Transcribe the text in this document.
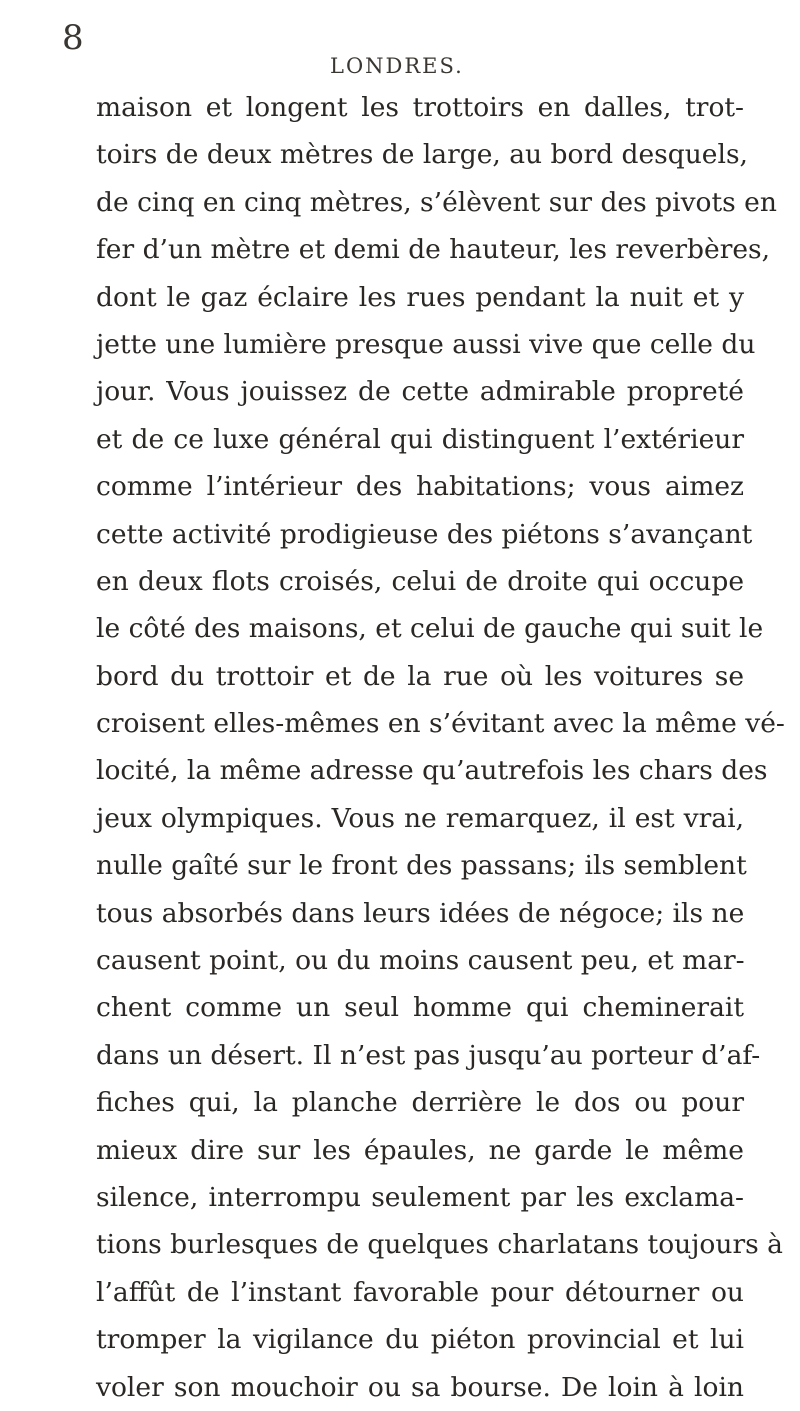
8
LONDRES.
maison et longent les trottoirs en dalles, trot-
toirs de deux mètres de large, au bord desquels,
de cinq en cinq mètres, s’élèvent sur des pivots en
fer d’un mètre et demi de hauteur, les reverbères,
dont le gaz éclaire les rues pendant la nuit et y
jette une lumière presque aussi vive que celle du
jour. Vous jouissez de cette admirable propreté
et de ce luxe général qui distinguent l’extérieur
comme l’intérieur des habitations; vous aimez
cette activité prodigieuse des piétons s’avançant
en deux flots croisés, celui de droite qui occupe
le côté des maisons, et celui de gauche qui suit le
bord du trottoir et de la rue où les voitures se
croisent elles-mêmes en s’évitant avec la même vé-
locité, la même adresse qu’autrefois les chars des
jeux olympiques. Vous ne remarquez, il est vrai,
nulle gaîté sur le front des passans; ils semblent
tous absorbés dans leurs idées de négoce; ils ne
causent point, ou du moins causent peu, et mar-
chent comme un seul homme qui cheminerait
dans un désert. Il n’est pas jusqu’au porteur d’af-
fiches qui, la planche derrière le dos ou pour
mieux dire sur les épaules, ne garde le même
silence, interrompu seulement par les exclama-
tions burlesques de quelques charlatans toujours à
l’affût de l’instant favorable pour détourner ou
tromper la vigilance du piéton provincial et lui
voler son mouchoir ou sa bourse. De loin à loin
